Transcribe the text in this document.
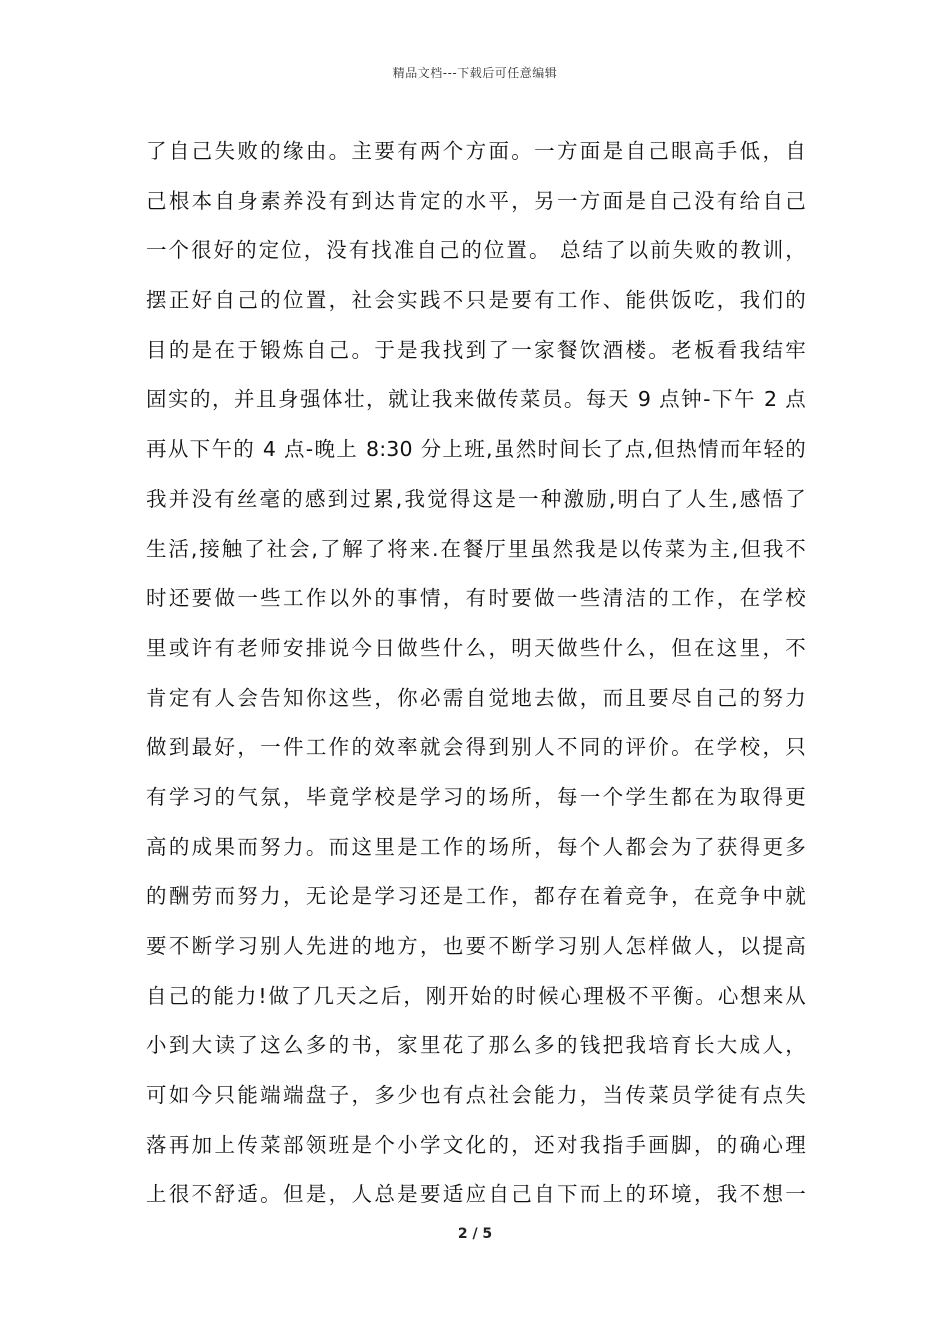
精品文档---下载后可任意编辑
了自己失败的缘由。主要有两个方面。一方面是自己眼高手低，自
己根本自身素养没有到达肯定的水平，另一方面是自己没有给自己
一个很好的定位，没有找准自己的位置。 总结了以前失败的教训，
摆正好自己的位置，社会实践不只是要有工作、能供饭吃，我们的
目的是在于锻炼自己。于是我找到了一家餐饮酒楼。老板看我结牢
固实的，并且身强体壮，就让我来做传菜员。每天 9 点钟-下午 2 点
再从下午的 4 点-晚上 8:30 分上班,虽然时间长了点,但热情而年轻的
我并没有丝毫的感到过累,我觉得这是一种激励,明白了人生,感悟了
生活,接触了社会,了解了将来.在餐厅里虽然我是以传菜为主,但我不
时还要做一些工作以外的事情，有时要做一些清洁的工作，在学校
里或许有老师安排说今日做些什么，明天做些什么，但在这里，不
肯定有人会告知你这些，你必需自觉地去做，而且要尽自己的努力
做到最好，一件工作的效率就会得到别人不同的评价。在学校，只
有学习的气氛，毕竟学校是学习的场所，每一个学生都在为取得更
高的成果而努力。而这里是工作的场所，每个人都会为了获得更多
的酬劳而努力，无论是学习还是工作，都存在着竞争，在竞争中就
要不断学习别人先进的地方，也要不断学习别人怎样做人，以提高
自己的能力!做了几天之后，刚开始的时候心理极不平衡。心想来从
小到大读了这么多的书，家里花了那么多的钱把我培育长大成人，
可如今只能端端盘子，多少也有点社会能力，当传菜员学徒有点失
落再加上传菜部领班是个小学文化的，还对我指手画脚，的确心理
上很不舒适。但是，人总是要适应自己自下而上的环境，我不想一
2 / 5
